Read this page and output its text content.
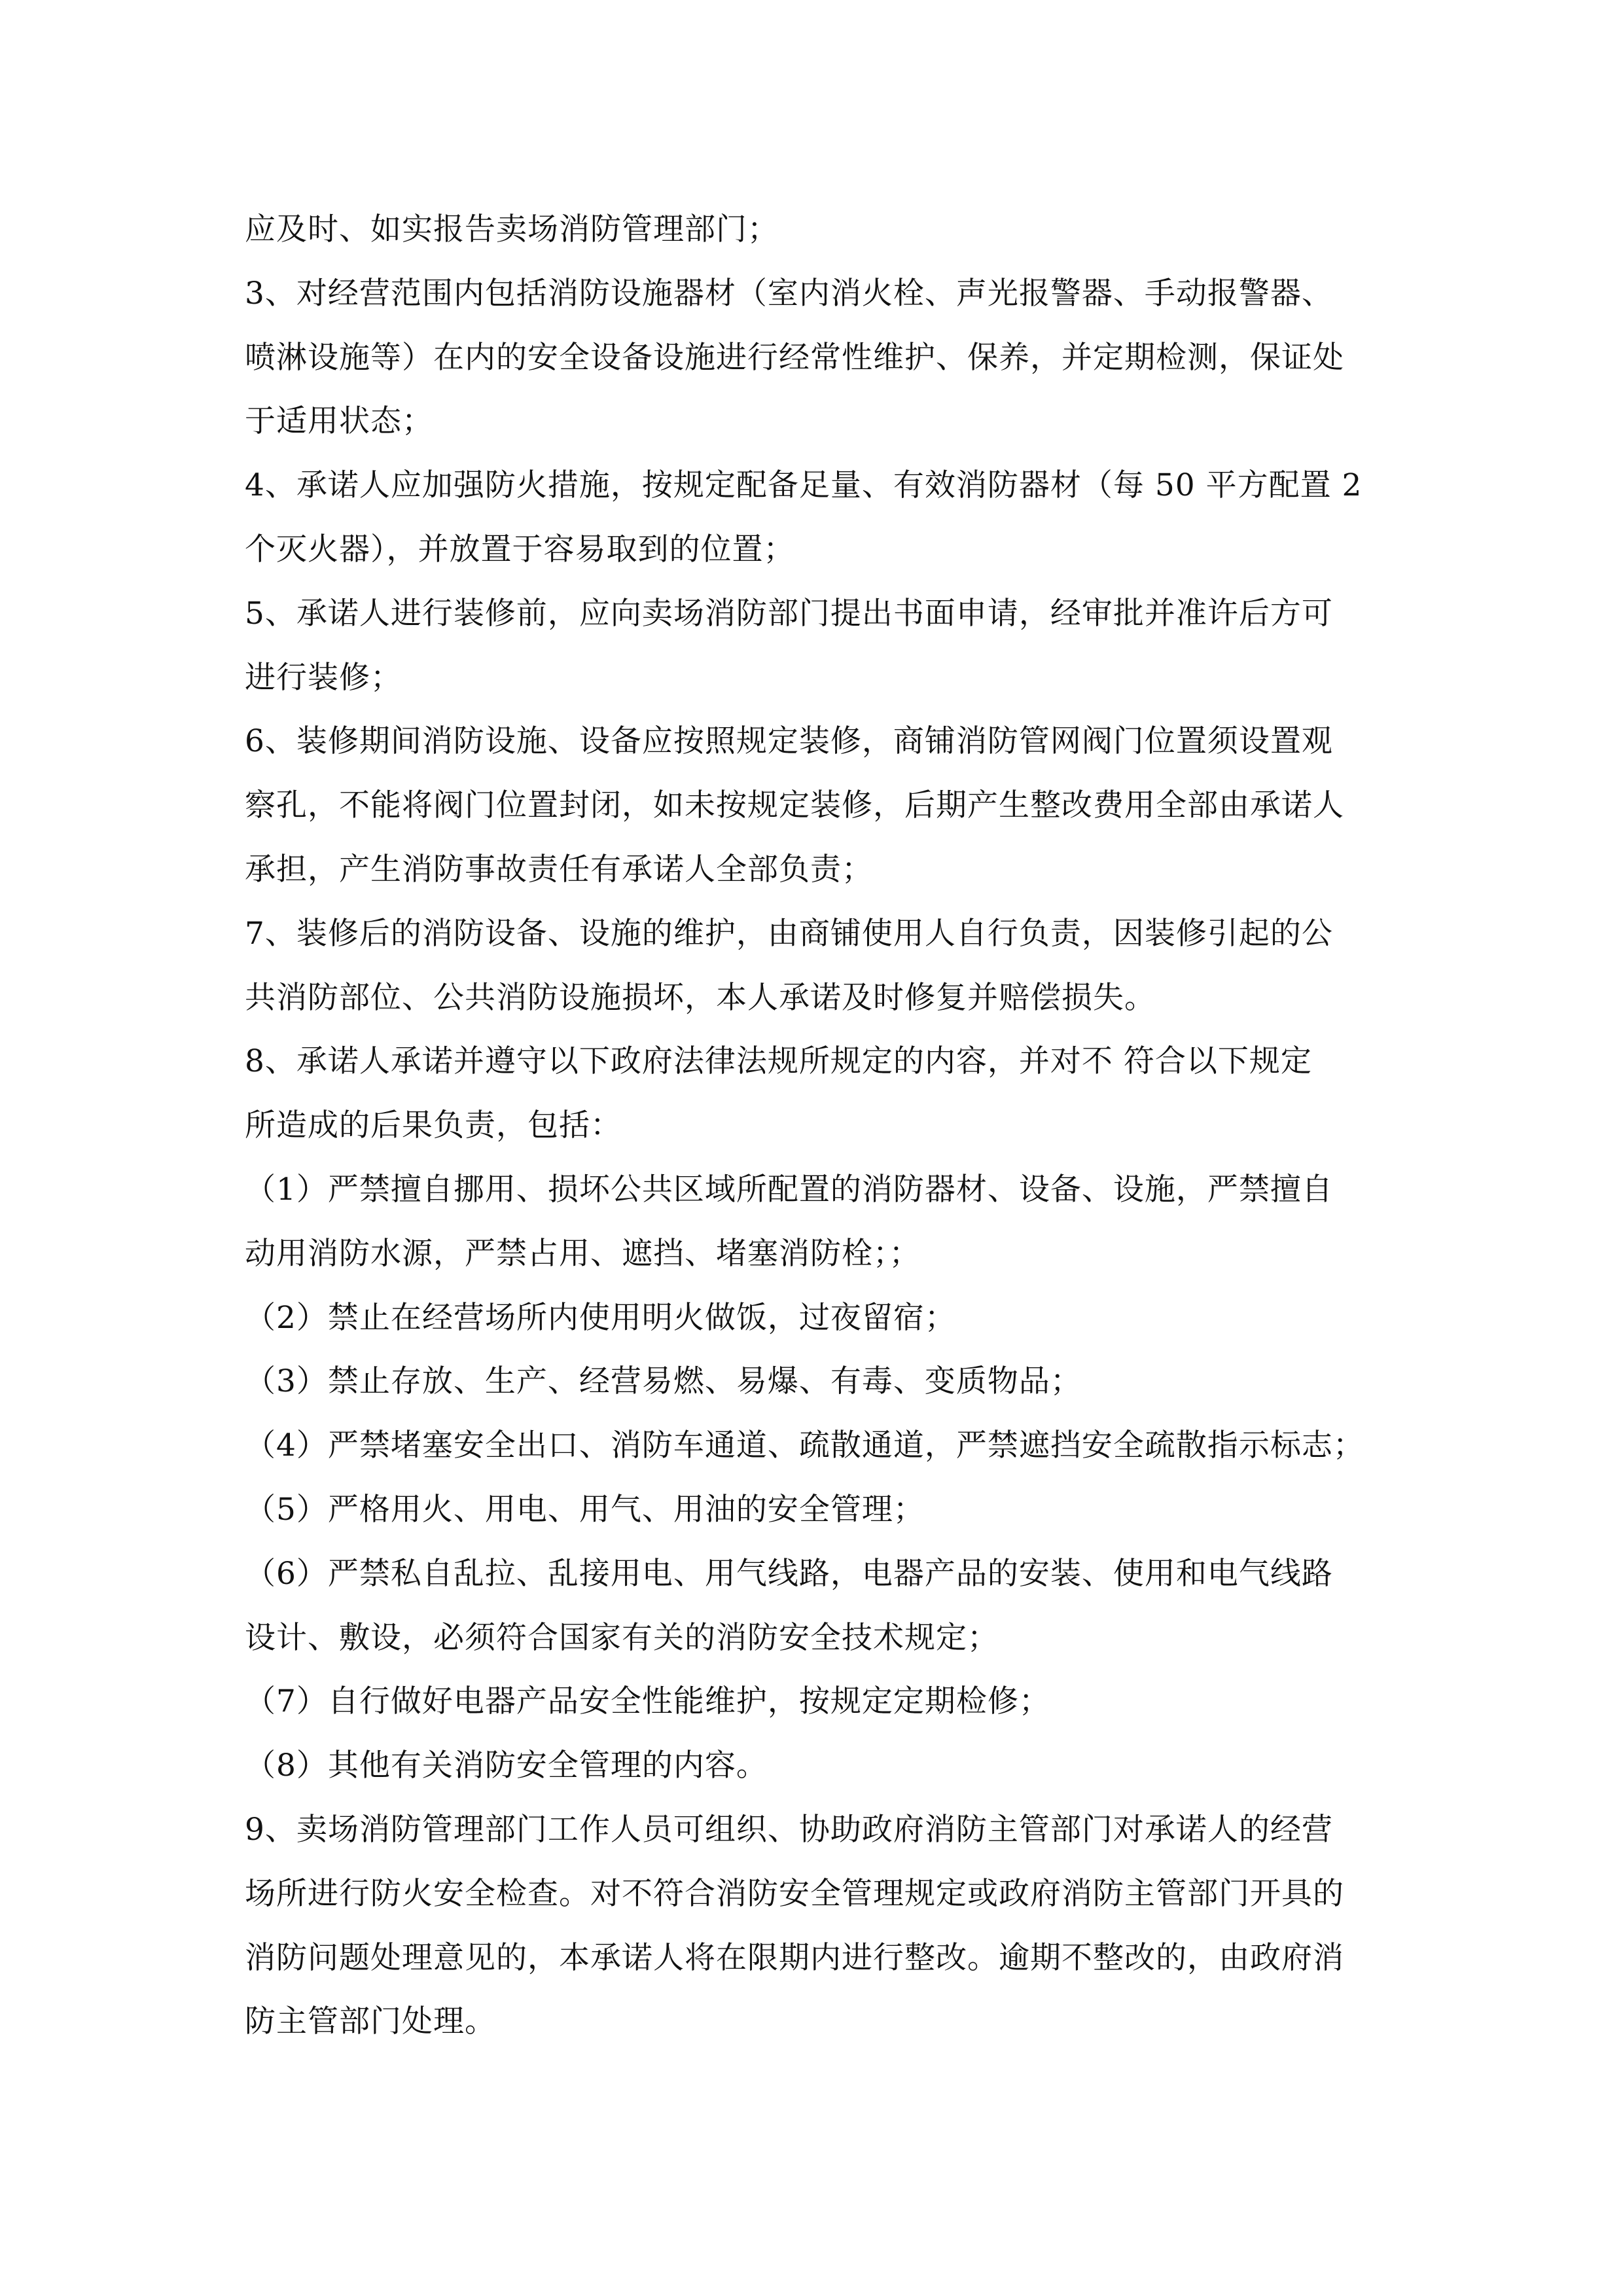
应及时、如实报告卖场消防管理部门；
3、对经营范围内包括消防设施器材（室内消火栓、声光报警器、手动报警器、
喷淋设施等）在内的安全设备设施进行经常性维护、保养，并定期检测，保证处
于适用状态；
4、承诺人应加强防火措施，按规定配备足量、有效消防器材（每 50 平方配置 2
个灭火器），并放置于容易取到的位置；
5、承诺人进行装修前，应向卖场消防部门提出书面申请，经审批并准许后方可
进行装修；
6、装修期间消防设施、设备应按照规定装修，商铺消防管网阀门位置须设置观
察孔，不能将阀门位置封闭，如未按规定装修，后期产生整改费用全部由承诺人
承担，产生消防事故责任有承诺人全部负责；
7、装修后的消防设备、设施的维护，由商铺使用人自行负责，因装修引起的公
共消防部位、公共消防设施损坏，本人承诺及时修复并赔偿损失。
8、承诺人承诺并遵守以下政府法律法规所规定的内容，并对不 符合以下规定
所造成的后果负责，包括：
（1）严禁擅自挪用、损坏公共区域所配置的消防器材、设备、设施，严禁擅自
动用消防水源，严禁占用、遮挡、堵塞消防栓；；
（2）禁止在经营场所内使用明火做饭，过夜留宿；
（3）禁止存放、生产、经营易燃、易爆、有毒、变质物品；
（4）严禁堵塞安全出口、消防车通道、疏散通道，严禁遮挡安全疏散指示标志；
（5）严格用火、用电、用气、用油的安全管理；
（6）严禁私自乱拉、乱接用电、用气线路，电器产品的安装、使用和电气线路
设计、敷设，必须符合国家有关的消防安全技术规定；
（7）自行做好电器产品安全性能维护，按规定定期检修；
（8）其他有关消防安全管理的内容。
9、卖场消防管理部门工作人员可组织、协助政府消防主管部门对承诺人的经营
场所进行防火安全检查。对不符合消防安全管理规定或政府消防主管部门开具的
消防问题处理意见的，本承诺人将在限期内进行整改。逾期不整改的，由政府消
防主管部门处理。
